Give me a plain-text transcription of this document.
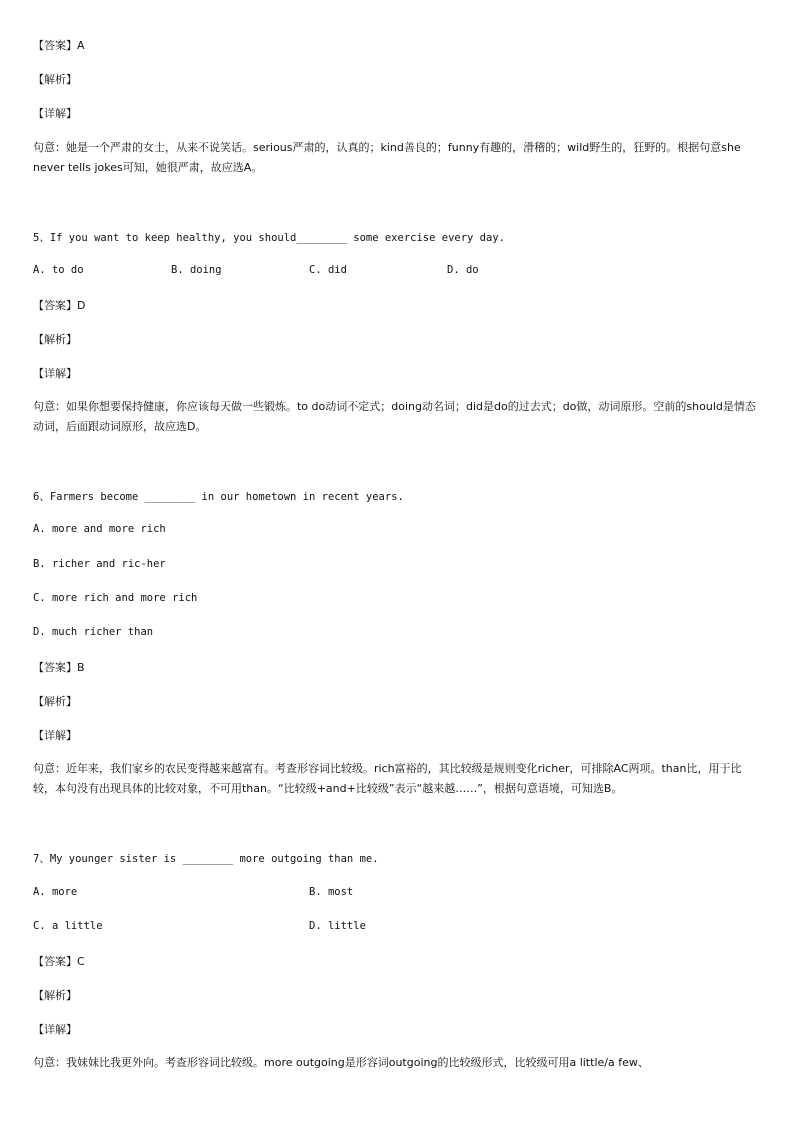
【答案】A
【解析】
【详解】
句意：她是一个严肃的女士，从来不说笑话。serious严肃的，认真的；kind善良的；funny有趣的，滑稽的；wild野生的，狂野的。根据句意she never tells jokes可知，她很严肃，故应选A。
5、If you want to keep healthy, you should________ some exercise every day.
A. to do	B. doing	C. did	D. do
【答案】D
【解析】
【详解】
句意：如果你想要保持健康，你应该每天做一些锻炼。to do动词不定式；doing动名词；did是do的过去式；do做，动词原形。空前的should是情态动词，后面跟动词原形，故应选D。
6、Farmers become ________ in our hometown in recent years.
A. more and more rich
B. richer and ric-her
C. more rich and more rich
D. much richer than
【答案】B
【解析】
【详解】
句意：近年来，我们家乡的农民变得越来越富有。考查形容词比较级。rich富裕的，其比较级是规则变化richer，可排除AC两项。than比，用于比较，本句没有出现具体的比较对象，不可用than。“比较级+and+比较级”表示“越来越……”，根据句意语境，可知选B。
7、My younger sister is ________ more outgoing than me.
A. more	B. most
C. a little	D. little
【答案】C
【解析】
【详解】
句意：我妹妹比我更外向。考查形容词比较级。more outgoing是形容词outgoing的比较级形式，比较级可用a little/a few、
